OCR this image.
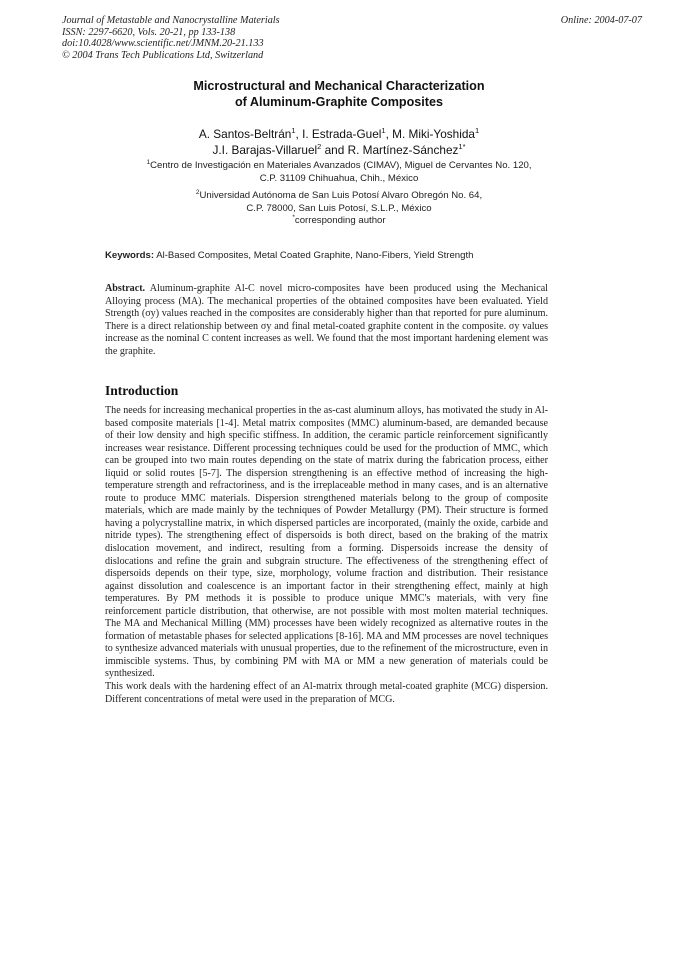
Journal of Metastable and Nanocrystalline Materials
ISSN: 2297-6620, Vols. 20-21, pp 133-138
doi:10.4028/www.scientific.net/JMNM.20-21.133
© 2004 Trans Tech Publications Ltd, Switzerland
Online: 2004-07-07
Microstructural and Mechanical Characterization
of Aluminum-Graphite Composites
A. Santos-Beltrán$^1$, I. Estrada-Guel$^1$, M. Miki-Yoshida$^1$
J.I. Barajas-Villaruel$^2$ and R. Martínez-Sánchez$^{1*}$
$^1$Centro de Investigación en Materiales Avanzados (CIMAV), Miguel de Cervantes No. 120,
C.P. 31109 Chihuahua, Chih., México
$^2$Universidad Autónoma de San Luis Potosí Alvaro Obregón No. 64,
C.P. 78000, San Luis Potosí, S.L.P., México
*corresponding author
Keywords: Al-Based Composites, Metal Coated Graphite, Nano-Fibers, Yield Strength
Abstract. Aluminum-graphite Al-C novel micro-composites have been produced using the Mechanical Alloying process (MA). The mechanical properties of the obtained composites have been evaluated. Yield Strength (σy) values reached in the composites are considerably higher than that reported for pure aluminum. There is a direct relationship between σy and final metal-coated graphite content in the composite. σy values increase as the nominal C content increases as well. We found that the most important hardening element was the graphite.
Introduction

The needs for increasing mechanical properties in the as-cast aluminum alloys, has motivated the study in Al-based composite materials [1-4]. Metal matrix composites (MMC) aluminum-based, are demanded because of their low density and high specific stiffness. In addition, the ceramic particle reinforcement significantly increases wear resistance. Different processing techniques could be used for the production of MMC, which can be grouped into two main routes depending on the state of matrix during the fabrication process, either liquid or solid routes [5-7]. The dispersion strengthening is an effective method of increasing the high-temperature strength and refractoriness, and is the irreplaceable method in many cases, and is an alternative route to produce MMC materials. Dispersion strengthened materials belong to the group of composite materials, which are made mainly by the techniques of Powder Metallurgy (PM). Their structure is formed having a polycrystalline matrix, in which dispersed particles are incorporated, (mainly the oxide, carbide and nitride types). The strengthening effect of dispersoids is both direct, based on the braking of the matrix dislocation movement, and indirect, resulting from a forming. Dispersoids increase the density of dislocations and refine the grain and subgrain structure. The effectiveness of the strengthening effect of dispersoids depends on their type, size, morphology, volume fraction and distribution. Their resistance against dissolution and coalescence is an important factor in their strengthening effect, mainly at high temperatures. By PM methods it is possible to produce unique MMC's materials, with very fine reinforcement particle distribution, that otherwise, are not possible with most molten material techniques. The MA and Mechanical Milling (MM) processes have been widely recognized as alternative routes in the formation of metastable phases for selected applications [8-16]. MA and MM processes are novel techniques to synthesize advanced materials with unusual properties, due to the refinement of the microstructure, even in immiscible systems. Thus, by combining PM with MA or MM a new generation of materials could be synthesized.

This work deals with the hardening effect of an Al-matrix through metal-coated graphite (MCG) dispersion. Different concentrations of metal were used in the preparation of MCG.
